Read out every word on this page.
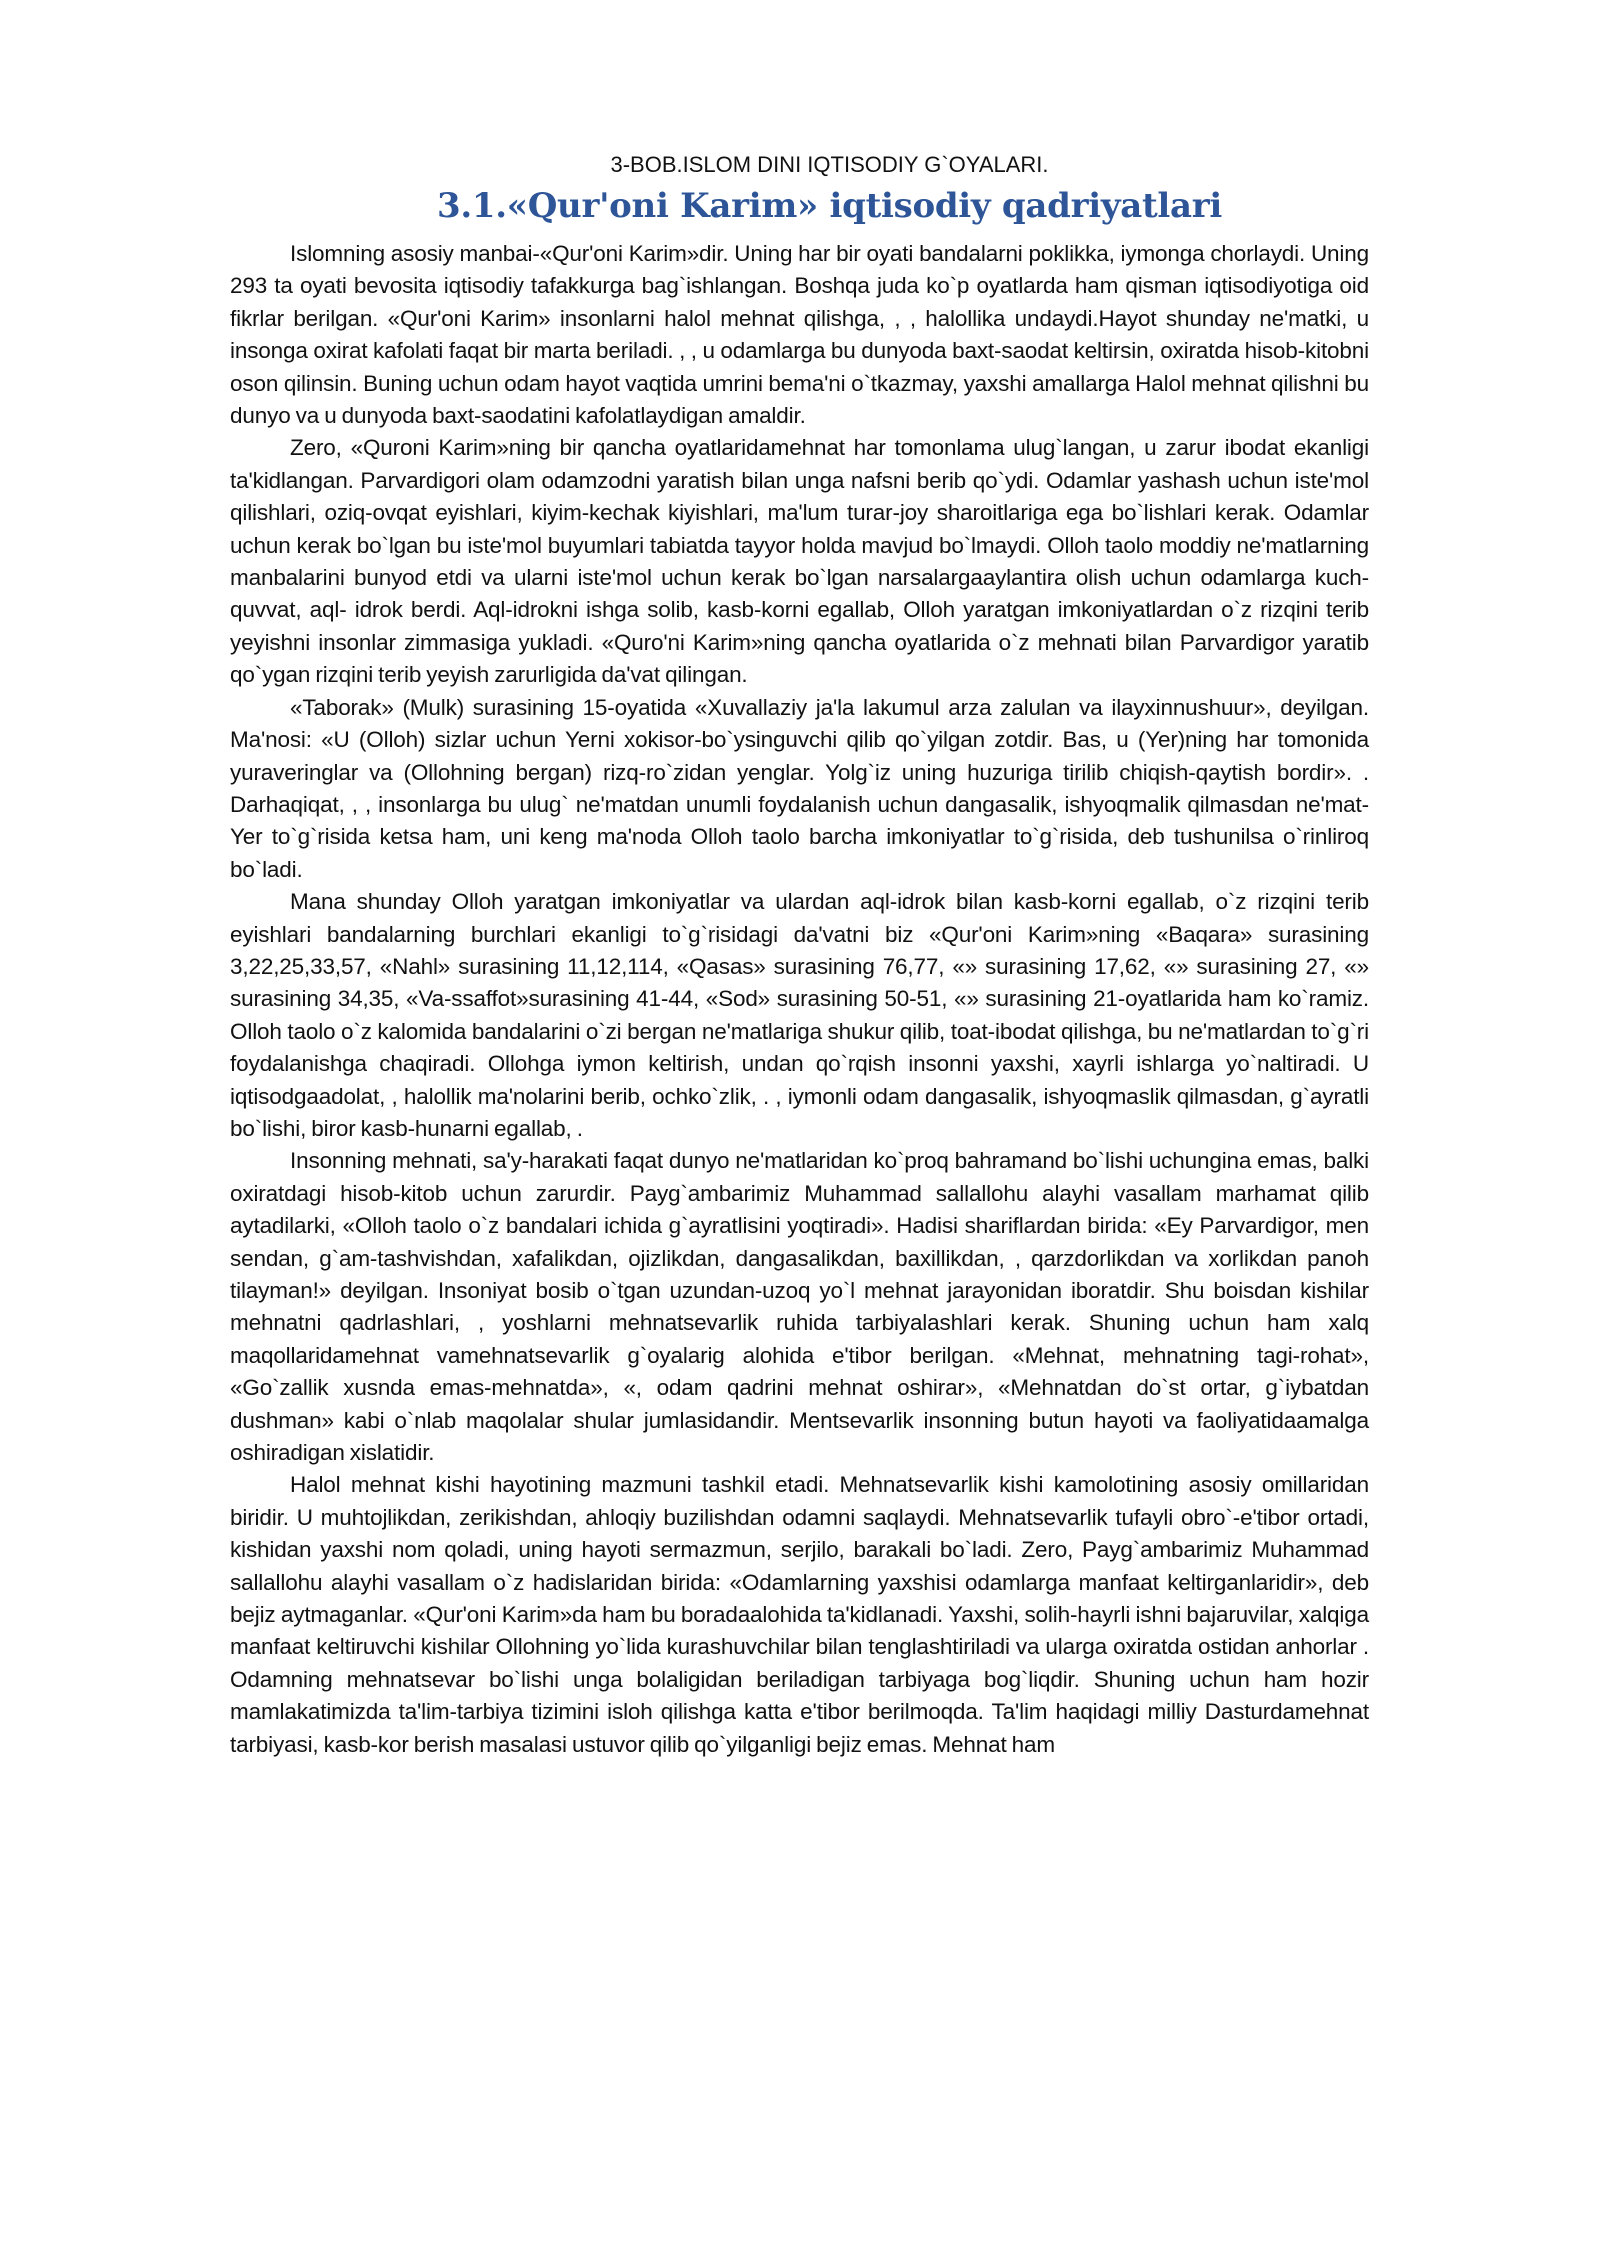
3-BOB.ISLOM DINI IQTISODIY G`OYALARI.

3.1.«Qur'oni Karim» iqtisodiy qadriyatlari

Islomning asosiy manbai-«Qur'oni Karim»dir. Uning har bir oyati bandalarni poklikka, iymonga chorlaydi. Uning 293 ta oyati bevosita iqtisodiy tafakkurga bag`ishlangan. Boshqa juda ko`p oyatlarda ham qisman iqtisodiyotiga oid fikrlar berilgan. «Qur'oni Karim» insonlarni halol mehnat qilishga, , , halollika undaydi.Hayot shunday ne'matki, u insonga oxirat kafolati faqat bir marta beriladi. , , u odamlarga bu dunyoda baxt-saodat keltirsin, oxiratda hisob-kitobni oson qilinsin. Buning uchun odam hayot vaqtida umrini bema'ni o`tkazmay, yaxshi amallarga Halol mehnat qilishni bu dunyo va u dunyoda baxt-saodatini kafolatlaydigan amaldir.

Zero, «Quroni Karim»ning bir qancha oyatlaridamehnat har tomonlama ulug`langan, u zarur ibodat ekanligi ta'kidlangan. Parvardigori olam odamzodni yaratish bilan unga nafsni berib qo`ydi. Odamlar yashash uchun iste'mol qilishlari, oziq-ovqat eyishlari, kiyim-kechak kiyishlari, ma'lum turar-joy sharoitlariga ega bo`lishlari kerak. Odamlar uchun kerak bo`lgan bu iste'mol buyumlari tabiatda tayyor holda mavjud bo`lmaydi. Olloh taolo moddiy ne'matlarning manbalarini bunyod etdi va ularni iste'mol uchun kerak bo`lgan narsalargaaylantira olish uchun odamlarga kuch-quvvat, aql- idrok berdi. Aql-idrokni ishga solib, kasb-korni egallab, Olloh yaratgan imkoniyatlardan o`z rizqini terib yeyishni insonlar zimmasiga yukladi. «Quro'ni Karim»ning qancha oyatlarida o`z mehnati bilan Parvardigor yaratib qo`ygan rizqini terib yeyish zarurligida da'vat qilingan.

«Taborak» (Mulk) surasining 15-oyatida «Xuvallaziy ja'la lakumul arza zalulan va ilayxinnushuur», deyilgan. Ma'nosi: «U (Olloh) sizlar uchun Yerni xokisor-bo`ysinguvchi qilib qo`yilgan zotdir. Bas, u (Yer)ning har tomonida yuraveringlar va (Ollohning bergan) rizq-ro`zidan yenglar. Yolg`iz uning huzuriga tirilib chiqish-qaytish bordir». . Darhaqiqat, , , insonlarga bu ulug` ne'matdan unumli foydalanish uchun dangasalik, ishyoqmalik qilmasdan ne'mat-Yer to`g`risida ketsa ham, uni keng ma'noda Olloh taolo barcha imkoniyatlar to`g`risida, deb tushunilsa o`rinliroq bo`ladi.

Mana shunday Olloh yaratgan imkoniyatlar va ulardan aql-idrok bilan kasb-korni egallab, o`z rizqini terib eyishlari bandalarning burchlari ekanligi to`g`risidagi da'vatni biz «Qur'oni Karim»ning «Baqara» surasining 3,22,25,33,57, «Nahl» surasining 11,12,114, «Qasas» surasining 76,77, «» surasining 17,62, «» surasining 27, «» surasining 34,35, «Va-ssaffot»surasining 41-44, «Sod» surasining 50-51, «» surasining 21-oyatlarida ham ko`ramiz. Olloh taolo o`z kalomida bandalarini o`zi bergan ne'matlariga shukur qilib, toat-ibodat qilishga, bu ne'matlardan to`g`ri foydalanishga chaqiradi. Ollohga iymon keltirish, undan qo`rqish insonni yaxshi, xayrli ishlarga yo`naltiradi. U iqtisodgaadolat, , halollik ma'nolarini berib, ochko`zlik, . , iymonli odam dangasalik, ishyoqmaslik qilmasdan, g`ayratli bo`lishi, biror kasb-hunarni egallab, .

Insonning mehnati, sa'y-harakati faqat dunyo ne'matlaridan ko`proq bahramand bo`lishi uchungina emas, balki oxiratdagi hisob-kitob uchun zarurdir. Payg`ambarimiz Muhammad sallallohu alayhi vasallam marhamat qilib aytadilarki, «Olloh taolo o`z bandalari ichida g`ayratlisini yoqtiradi». Hadisi shariflardan birida: «Ey Parvardigor, men sendan, g`am-tashvishdan, xafalikdan, ojizlikdan, dangasalikdan, baxillikdan, , qarzdorlikdan va xorlikdan panoh tilayman!» deyilgan. Insoniyat bosib o`tgan uzundan-uzoq yo`l mehnat jarayonidan iboratdir. Shu boisdan kishilar mehnatni qadrlashlari, , yoshlarni mehnatsevarlik ruhida tarbiyalashlari kerak. Shuning uchun ham xalq maqollaridamehnat vamehnatsevarlik g`oyalarig alohida e'tibor berilgan. «Mehnat, mehnatning tagi-rohat», «Go`zallik xusnda emas-mehnatda», «, odam qadrini mehnat oshirar», «Mehnatdan do`st ortar, g`iybatdan dushman» kabi o`nlab maqolalar shular jumlasidandir. Mentsevarlik insonning butun hayoti va faoliyatidaamalga oshiradigan xislatidir.

Halol mehnat kishi hayotining mazmuni tashkil etadi. Mehnatsevarlik kishi kamolotining asosiy omillaridan biridir. U muhtojlikdan, zerikishdan, ahloqiy buzilishdan odamni saqlaydi. Mehnatsevarlik tufayli obro`-e'tibor ortadi, kishidan yaxshi nom qoladi, uning hayoti sermazmun, serjilo, barakali bo`ladi. Zero, Payg`ambarimiz Muhammad sallallohu alayhi vasallam o`z hadislaridan birida: «Odamlarning yaxshisi odamlarga manfaat keltirganlaridir», deb bejiz aytmaganlar. «Qur'oni Karim»da ham bu boradaalohida ta'kidlanadi. Yaxshi, solih-hayrli ishni bajaruvilar, xalqiga manfaat keltiruvchi kishilar Ollohning yo`lida kurashuvchilar bilan tenglashtiriladi va ularga oxiratda ostidan anhorlar . Odamning mehnatsevar bo`lishi unga bolaligidan beriladigan tarbiyaga bog`liqdir. Shuning uchun ham hozir mamlakatimizda ta'lim-tarbiya tizimini isloh qilishga katta e'tibor berilmoqda. Ta'lim haqidagi milliy Dasturdamehnat tarbiyasi, kasb-kor berish masalasi ustuvor qilib qo`yilganligi bejiz emas. Mehnat ham
